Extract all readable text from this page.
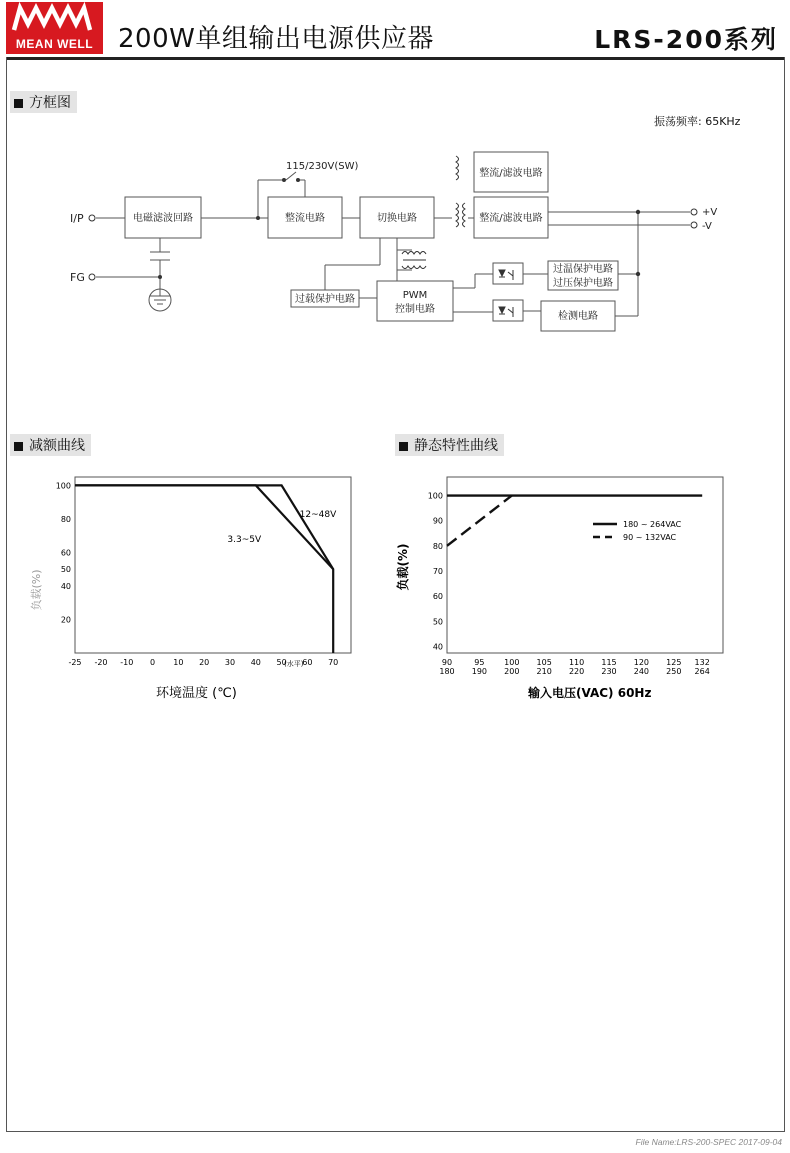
MEAN WELL 200W单组输出电源供应器	LRS-200系列
方框图
振荡频率: 65KHz
I/P
FG
115/230V(SW)
电磁滤波回路	整流电路	切换电路
整流/滤波电路
整流/滤波电路
+V
-V
PWM
控制电路
过载保护电路
过温保护电路
过压保护电路
检测电路
减额曲线	静态特性曲线
100
80
60
50
40
20
-25 -20 -10 0 10 20 30 40 50 60 70
(水平)
环境温度 (℃)
负载(%)
12~48V
3.3~5V
100
90
80
70
60
50
40
90	95 100 105 110 115 120 125 132
180 190 200 210 220 230 240 250 264
180 ~ 264VAC
90 ~ 132VAC
输入电压(VAC) 60Hz
负载(%)
File Name:LRS-200-SPEC 2017-09-04
